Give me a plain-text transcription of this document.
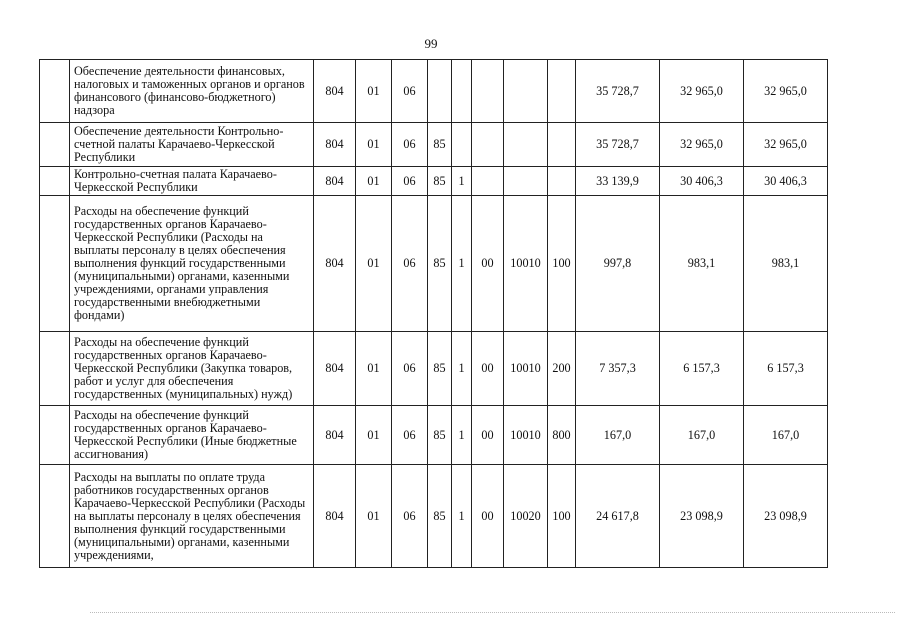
99
	Обеспечение деятельности финансовых, налоговых и таможенных органов и органов финансового (финансово-бюджетного) надзора	804	01	06						35 728,7	32 965,0	32 965,0
	Обеспечение деятельности Контрольно-счетной палаты Карачаево-Черкесской Республики	804	01	06	85					35 728,7	32 965,0	32 965,0
	Контрольно-счетная палата Карачаево-Черкесской Республики	804	01	06	85	1				33 139,9	30 406,3	30 406,3
	Расходы на обеспечение функций государственных органов Карачаево-Черкесской Республики (Расходы на выплаты персоналу в целях обеспечения выполнения функций государственными (муниципальными) органами, казенными учреждениями, органами управления государственными внебюджетными фондами)	804	01	06	85	1	00	10010	100	997,8	983,1	983,1
	Расходы на обеспечение функций государственных органов Карачаево-Черкесской Республики (Закупка товаров, работ и услуг для обеспечения государственных (муниципальных) нужд)	804	01	06	85	1	00	10010	200	7 357,3	6 157,3	6 157,3
	Расходы на обеспечение функций государственных органов Карачаево-Черкесской Республики (Иные бюджетные ассигнования)	804	01	06	85	1	00	10010	800	167,0	167,0	167,0
	Расходы на выплаты по оплате труда работников государственных органов Карачаево-Черкесской Республики (Расходы на выплаты персоналу в целях обеспечения выполнения функций государственными (муниципальными) органами, казенными учреждениями,	804	01	06	85	1	00	10020	100	24 617,8	23 098,9	23 098,9
